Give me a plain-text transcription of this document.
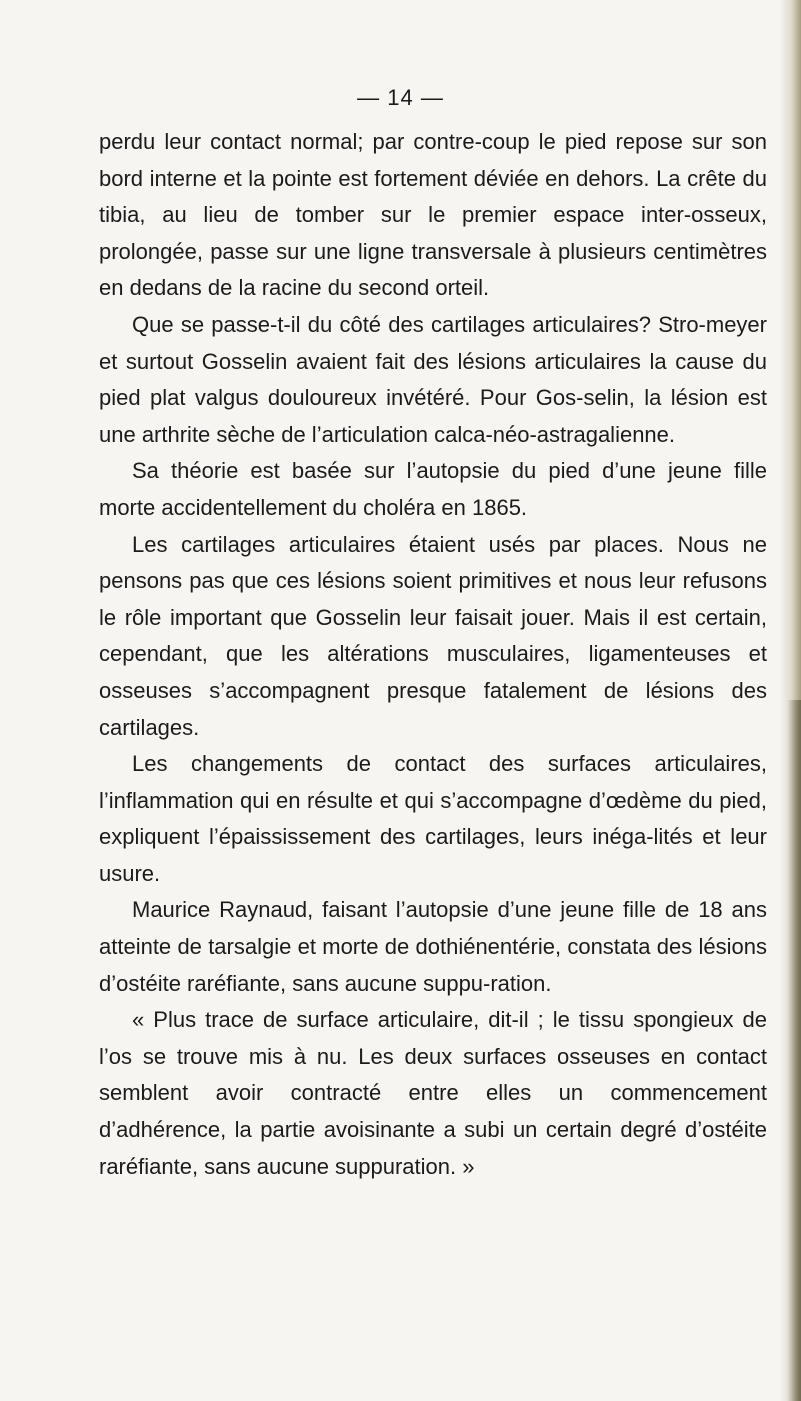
— 14 —

perdu leur contact normal; par contre-coup le pied repose sur son bord interne et la pointe est fortement déviée en dehors. La crête du tibia, au lieu de tomber sur le premier espace inter-osseux, prolongée, passe sur une ligne transversale à plusieurs centimètres en dedans de la racine du second orteil.

Que se passe-t-il du côté des cartilages articulaires? Stro-meyer et surtout Gosselin avaient fait des lésions articulaires la cause du pied plat valgus douloureux invétéré. Pour Gos-selin, la lésion est une arthrite sèche de l’articulation calca-néo-astragalienne.

Sa théorie est basée sur l’autopsie du pied d’une jeune fille morte accidentellement du choléra en 1865.

Les cartilages articulaires étaient usés par places. Nous ne pensons pas que ces lésions soient primitives et nous leur refusons le rôle important que Gosselin leur faisait jouer. Mais il est certain, cependant, que les altérations musculaires, ligamenteuses et osseuses s’accompagnent presque fatalement de lésions des cartilages.

Les changements de contact des surfaces articulaires, l’inflammation qui en résulte et qui s’accompagne d’œdème du pied, expliquent l’épaississement des cartilages, leurs inéga-lités et leur usure.

Maurice Raynaud, faisant l’autopsie d’une jeune fille de 18 ans atteinte de tarsalgie et morte de dothiénentérie, constata des lésions d’ostéite raréfiante, sans aucune suppu-ration.

« Plus trace de surface articulaire, dit-il ; le tissu spongieux de l’os se trouve mis à nu. Les deux surfaces osseuses en contact semblent avoir contracté entre elles un commencement d’adhérence, la partie avoisinante a subi un certain degré d’ostéite raréfiante, sans aucune suppuration. »
